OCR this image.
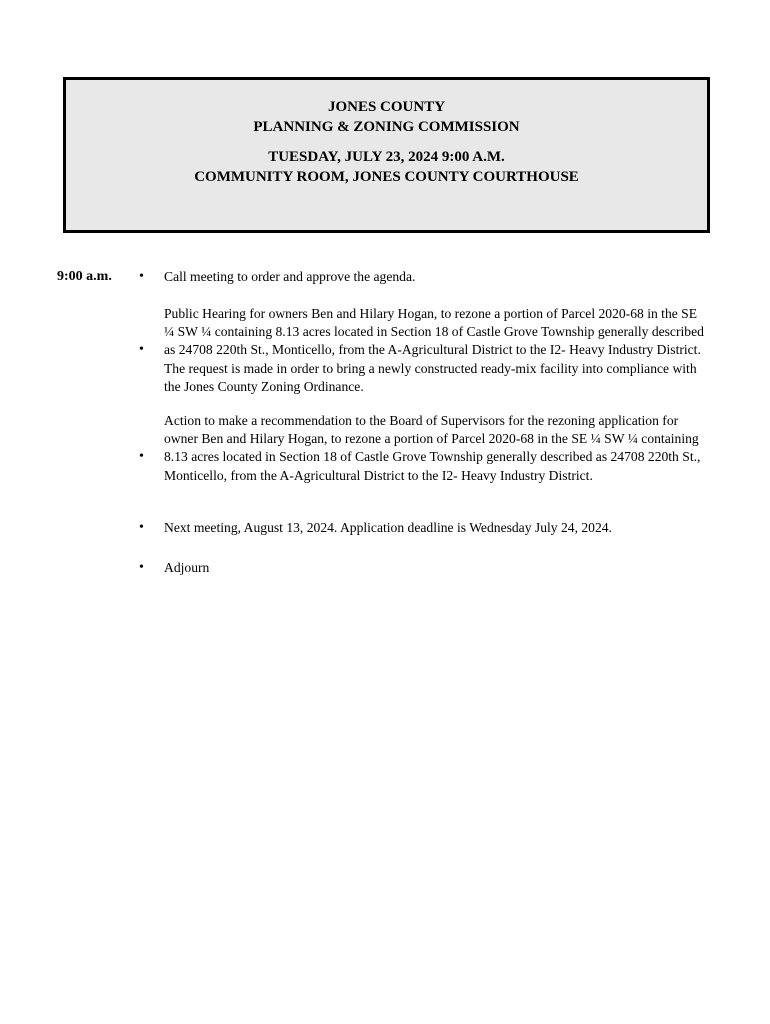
JONES COUNTY
PLANNING & ZONING COMMISSION
TUESDAY, JULY 23, 2024 9:00 A.M.
COMMUNITY ROOM, JONES COUNTY COURTHOUSE
9:00 a.m. • Call meeting to order and approve the agenda.
•
Public Hearing for owners Ben and Hilary Hogan, to rezone a portion of Parcel 2020-68 in the SE ¼ SW ¼ containing 8.13 acres located in Section 18 of Castle Grove Township generally described as 24708 220th St., Monticello, from the A-Agricultural District to the I2- Heavy Industry District. The request is made in order to bring a newly constructed ready-mix facility into compliance with the Jones County Zoning Ordinance.
•
Action to make a recommendation to the Board of Supervisors for the rezoning application for owner Ben and Hilary Hogan, to rezone a portion of Parcel 2020-68 in the SE ¼ SW ¼ containing 8.13 acres located in Section 18 of Castle Grove Township generally described as 24708 220th St., Monticello, from the A-Agricultural District to the I2- Heavy Industry District.
• Next meeting, August 13, 2024. Application deadline is Wednesday July 24, 2024.
• Adjourn
